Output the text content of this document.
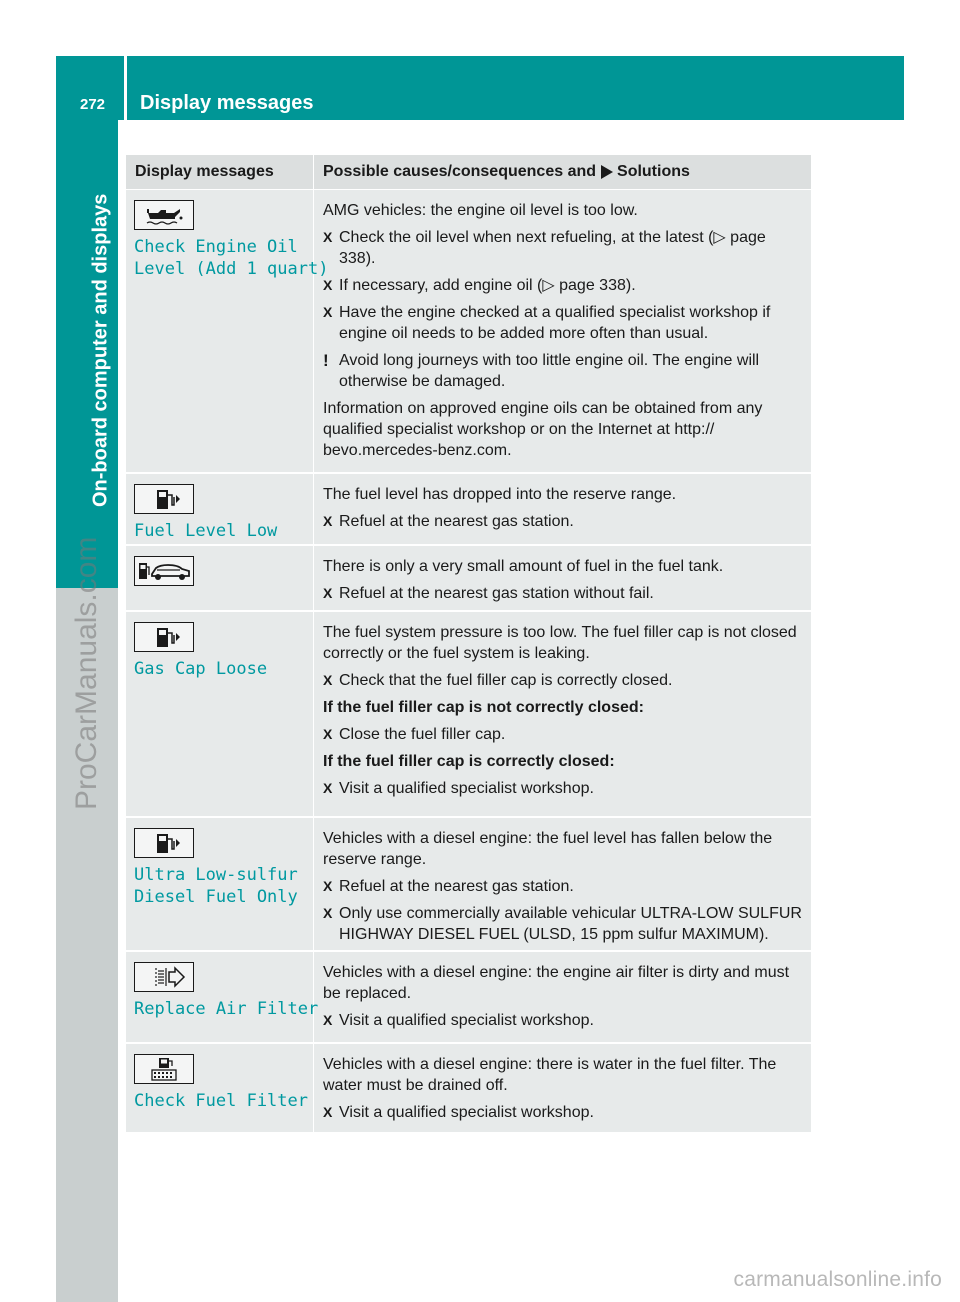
272 Display messages
On-board computer and displays
ProCarManuals.com
Display messages	Possible causes/consequences and Solutions
Check Engine Oil
Level (Add 1 quart)

AMG vehicles: the engine oil level is too low.

X Check the oil level when next refueling, at the latest (▷ page 338).
X If necessary, add engine oil (▷ page 338).
X Have the engine checked at a qualified specialist workshop if engine oil needs to be added more often than usual.
! Avoid long journeys with too little engine oil. The engine will otherwise be damaged.

Information on approved engine oils can be obtained from any qualified specialist workshop or on the Internet at http:// bevo.mercedes-benz.com.

Fuel Level Low

The fuel level has dropped into the reserve range.

X Refuel at the nearest gas station.

There is only a very small amount of fuel in the fuel tank.

X Refuel at the nearest gas station without fail.
Gas Cap Loose

The fuel system pressure is too low. The fuel filler cap is not closed correctly or the fuel system is leaking.

X Check that the fuel filler cap is correctly closed.

If the fuel filler cap is not correctly closed:

X Close the fuel filler cap.

If the fuel filler cap is correctly closed:

X Visit a qualified specialist workshop.
Ultra Low-sulfur
Diesel Fuel Only

Vehicles with a diesel engine: the fuel level has fallen below the reserve range.

X Refuel at the nearest gas station.
X Only use commercially available vehicular ULTRA-LOW SULFUR HIGHWAY DIESEL FUEL (ULSD, 15 ppm sulfur MAXIMUM).
Replace Air Filter

Vehicles with a diesel engine: the engine air filter is dirty and must be replaced.

X Visit a qualified specialist workshop.
Check Fuel Filter

Vehicles with a diesel engine: there is water in the fuel filter. The water must be drained off.

X Visit a qualified specialist workshop.
carmanualsonline.info
